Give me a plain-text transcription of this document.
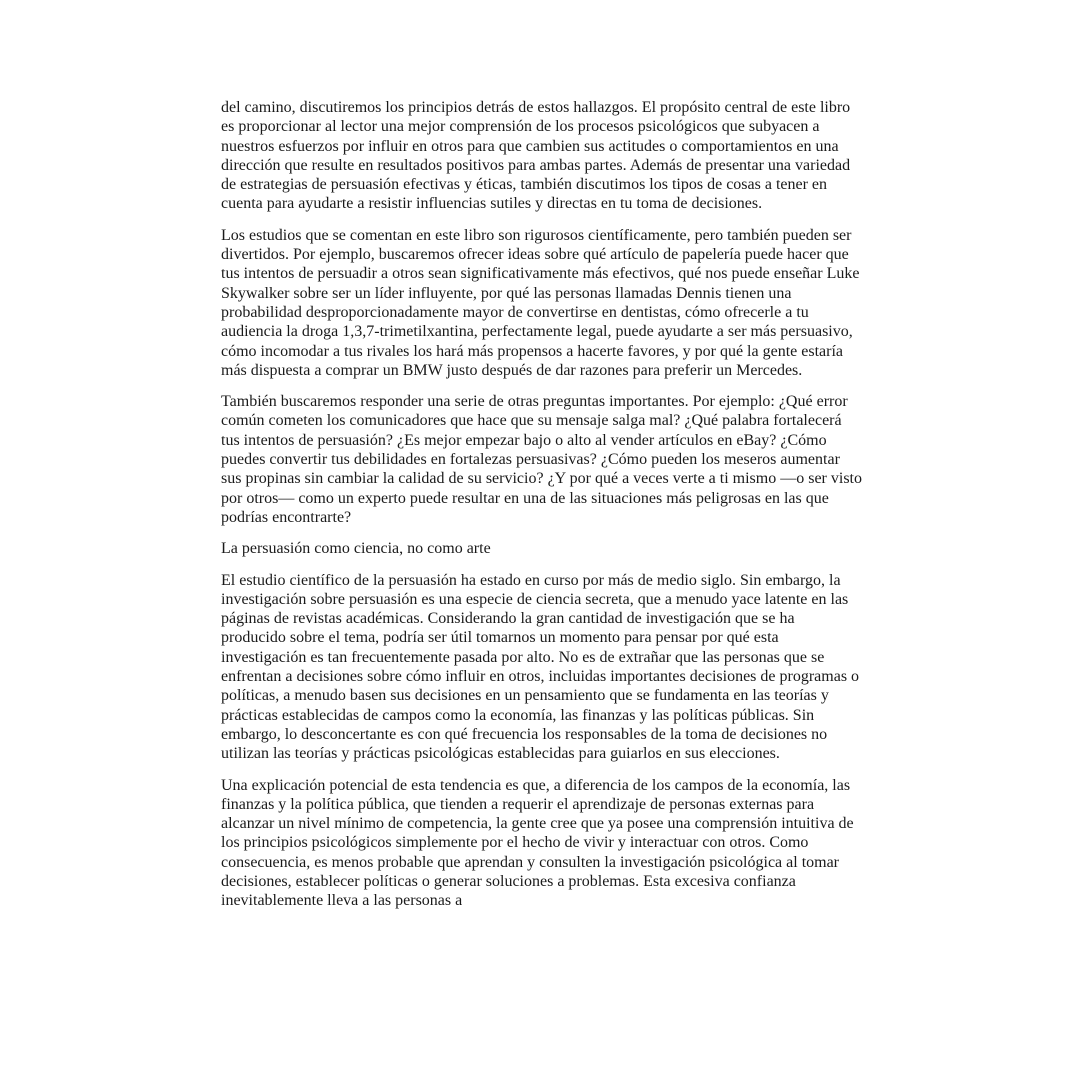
del camino, discutiremos los principios detrás de estos hallazgos. El propósito central de este libro es proporcionar al lector una mejor comprensión de los procesos psicológicos que subyacen a nuestros esfuerzos por influir en otros para que cambien sus actitudes o comportamientos en una dirección que resulte en resultados positivos para ambas partes. Además de presentar una variedad de estrategias de persuasión efectivas y éticas, también discutimos los tipos de cosas a tener en cuenta para ayudarte a resistir influencias sutiles y directas en tu toma de decisiones.

Los estudios que se comentan en este libro son rigurosos científicamente, pero también pueden ser divertidos. Por ejemplo, buscaremos ofrecer ideas sobre qué artículo de papelería puede hacer que tus intentos de persuadir a otros sean significativamente más efectivos, qué nos puede enseñar Luke Skywalker sobre ser un líder influyente, por qué las personas llamadas Dennis tienen una probabilidad desproporcionadamente mayor de convertirse en dentistas, cómo ofrecerle a tu audiencia la droga 1,3,7-trimetilxantina, perfectamente legal, puede ayudarte a ser más persuasivo, cómo incomodar a tus rivales los hará más propensos a hacerte favores, y por qué la gente estaría más dispuesta a comprar un BMW justo después de dar razones para preferir un Mercedes.

También buscaremos responder una serie de otras preguntas importantes. Por ejemplo: ¿Qué error común cometen los comunicadores que hace que su mensaje salga mal? ¿Qué palabra fortalecerá tus intentos de persuasión? ¿Es mejor empezar bajo o alto al vender artículos en eBay? ¿Cómo puedes convertir tus debilidades en fortalezas persuasivas? ¿Cómo pueden los meseros aumentar sus propinas sin cambiar la calidad de su servicio? ¿Y por qué a veces verte a ti mismo —o ser visto por otros— como un experto puede resultar en una de las situaciones más peligrosas en las que podrías encontrarte?

La persuasión como ciencia, no como arte

El estudio científico de la persuasión ha estado en curso por más de medio siglo. Sin embargo, la investigación sobre persuasión es una especie de ciencia secreta, que a menudo yace latente en las páginas de revistas académicas. Considerando la gran cantidad de investigación que se ha producido sobre el tema, podría ser útil tomarnos un momento para pensar por qué esta investigación es tan frecuentemente pasada por alto. No es de extrañar que las personas que se enfrentan a decisiones sobre cómo influir en otros, incluidas importantes decisiones de programas o políticas, a menudo basen sus decisiones en un pensamiento que se fundamenta en las teorías y prácticas establecidas de campos como la economía, las finanzas y las políticas públicas. Sin embargo, lo desconcertante es con qué frecuencia los responsables de la toma de decisiones no utilizan las teorías y prácticas psicológicas establecidas para guiarlos en sus elecciones.

Una explicación potencial de esta tendencia es que, a diferencia de los campos de la economía, las finanzas y la política pública, que tienden a requerir el aprendizaje de personas externas para alcanzar un nivel mínimo de competencia, la gente cree que ya posee una comprensión intuitiva de los principios psicológicos simplemente por el hecho de vivir y interactuar con otros. Como consecuencia, es menos probable que aprendan y consulten la investigación psicológica al tomar decisiones, establecer políticas o generar soluciones a problemas. Esta excesiva confianza inevitablemente lleva a las personas a
